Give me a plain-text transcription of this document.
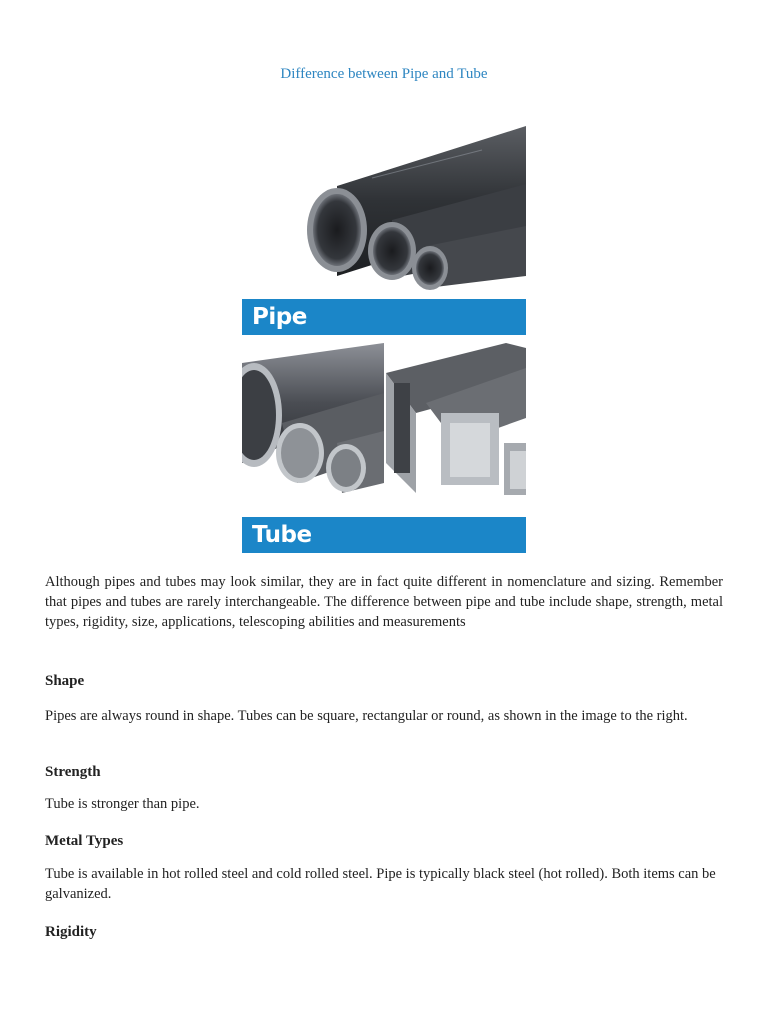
Difference between Pipe and Tube
Pipe
Tube
Although pipes and tubes may look similar, they are in fact quite different in nomenclature and sizing. Remember that pipes and tubes are rarely interchangeable. The difference between pipe and tube include shape, strength, metal types, rigidity, size, applications, telescoping abilities and measurements
Shape
Pipes are always round in shape. Tubes can be square, rectangular or round, as shown in the image to the right.
Strength
Tube is stronger than pipe.
Metal Types
Tube is available in hot rolled steel and cold rolled steel. Pipe is typically black steel (hot rolled). Both items can be galvanized.
Rigidity
